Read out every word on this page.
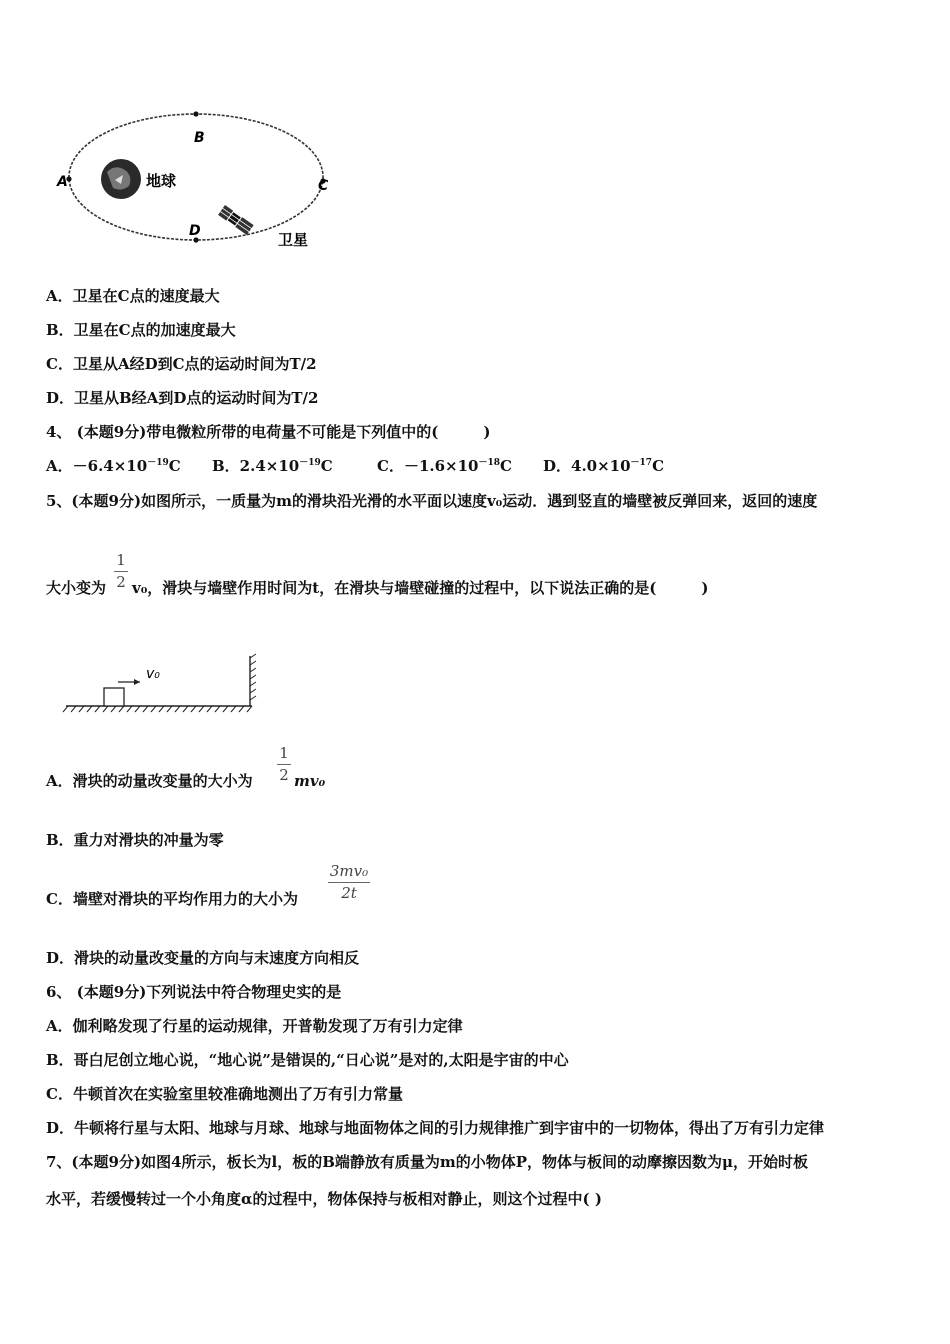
B
A	C
D
地球
卫星
A．卫星在C点的速度最大
B．卫星在C点的加速度最大
C．卫星从A经D到C点的运动时间为T/2
D．卫星从B经A到D点的运动时间为T/2
4、 (本题9分)带电微粒所带的电荷量不可能是下列值中的(　　　)
A．$-6.4\times 10^{-19}C$ B．$2.4\times 10^{-19}C$	C．$-1.6\times 10^{-18}C$ D．$4.0\times 10^{-17}C$
5、(本题9分)如图所示，一质量为m的滑块沿光滑的水平面以速度v₀运动．遇到竖直的墙壁被反弹回来，返回的速度
大小变为
1
2 v₀，滑块与墙壁作用时间为t，在滑块与墙壁碰撞的过程中，以下说法正确的是(　　　)
v₀
A．滑块的动量改变量的大小为
1
2 mv₀
B．重力对滑块的冲量为零
C．墙壁对滑块的平均作用力的大小为
3mv₀
2t
D．滑块的动量改变量的方向与末速度方向相反
6、 (本题9分)下列说法中符合物理史实的是
A．伽利略发现了行星的运动规律，开普勒发现了万有引力定律
B．哥白尼创立地心说，“地心说”是错误的,“日心说”是对的,太阳是宇宙的中心
C．牛顿首次在实验室里较准确地测出了万有引力常量
D．牛顿将行星与太阳、地球与月球、地球与地面物体之间的引力规律推广到宇宙中的一切物体，得出了万有引力定律
7、(本题9分)如图4所示，板长为l，板的B端静放有质量为m的小物体P，物体与板间的动摩擦因数为μ，开始时板
水平，若缓慢转过一个小角度α的过程中，物体保持与板相对静止，则这个过程中( )
